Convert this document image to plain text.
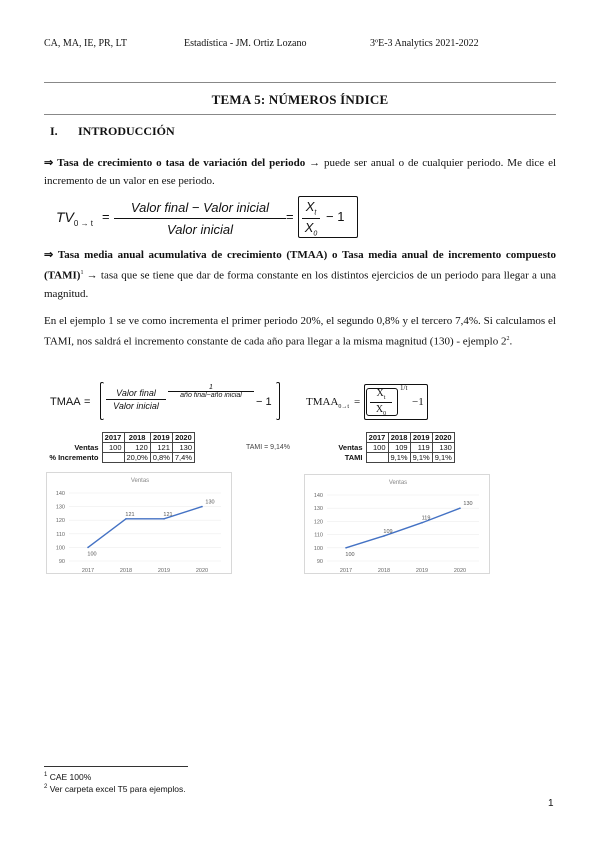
CA, MA, IE, PR, LT	Estadística - JM. Ortiz Lozano	3ºE-3 Analytics 2021-2022
TEMA 5: NÚMEROS ÍNDICE
I. INTRODUCCIÓN
⇒ Tasa de crecimiento o tasa de variación del periodo → puede ser anual o de cualquier periodo. Me dice el incremento de un valor en ese periodo.
$TV_{0 \to t}$ =
Valor final − Valor inicial
Valor inicial
=
$X_t$
$X_0$
− 1
⇒ Tasa media anual acumulativa de crecimiento (TMAA) o Tasa media anual de incremento compuesto (TAMI)$^1$ → tasa que se tiene que dar de forma constante en los distintos ejercicios de un periodo para llegar a una magnitud.
En el ejemplo 1 se ve como incrementa el primer periodo 20%, el segundo 0,8% y el tercero 7,4%. Si calculamos el TAMI, nos saldrá el incremento constante de cada año para llegar a la misma magnitud (130) - ejemplo $2^2$.
TMAA =
Valor final
Valor inicial
1
año final−año inicial
− 1	$TMAA_{0\to t}$ =
$X_t$
$X_0$
1/t
−1
	2017	2018	2019	2020
Ventas	100	120	121	130
% Incremento		20,0%	0,8%	7,4%
TAMI = 9,14%
	2017	2018	2019	2020
Ventas	100	109	119	130
TAMI		9,1%	9,1%	9,1%
Ventas
90
100
110
120
130
140
2017	2018	2019	2020
100
121	121
130
Ventas
90
100
110
120
130
140
2017	2018	2019	2020
100
109
119
130
$^1$ CAE 100%
$^2$ Ver carpeta excel T5 para ejemplos.
1
